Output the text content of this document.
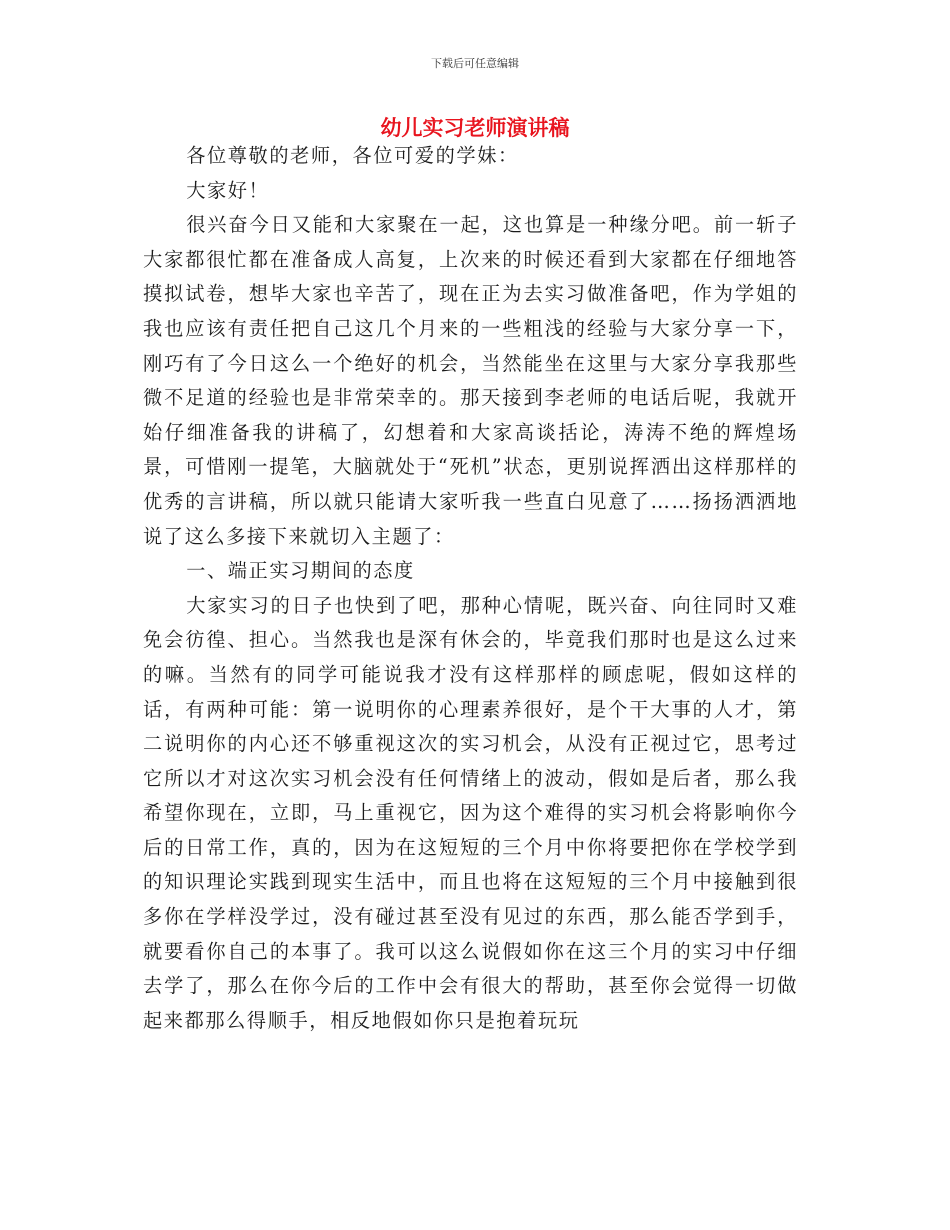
下载后可任意编辑
幼儿实习老师演讲稿

各位尊敬的老师，各位可爱的学妹：

大家好！

很兴奋今日又能和大家聚在一起，这也算是一种缘分吧。前一斩子大家都很忙都在准备成人高复，上次来的时候还看到大家都在仔细地答摸拟试卷，想毕大家也辛苦了，现在正为去实习做准备吧，作为学姐的我也应该有责任把自己这几个月来的一些粗浅的经验与大家分享一下，刚巧有了今日这么一个绝好的机会，当然能坐在这里与大家分享我那些微不足道的经验也是非常荣幸的。那天接到李老师的电话后呢，我就开始仔细准备我的讲稿了，幻想着和大家高谈括论，涛涛不绝的辉煌场景，可惜刚一提笔，大脑就处于“死机”状态，更别说挥洒出这样那样的优秀的言讲稿，所以就只能请大家听我一些直白见意了……扬扬洒洒地说了这么多接下来就切入主题了：

一、端正实习期间的态度

大家实习的日子也快到了吧，那种心情呢，既兴奋、向往同时又难免会彷徨、担心。当然我也是深有休会的，毕竟我们那时也是这么过来的嘛。当然有的同学可能说我才没有这样那样的顾虑呢，假如这样的话，有两种可能：第一说明你的心理素养很好，是个干大事的人才，第二说明你的内心还不够重视这次的实习机会，从没有正视过它，思考过它所以才对这次实习机会没有任何情绪上的波动，假如是后者，那么我希望你现在，立即，马上重视它，因为这个难得的实习机会将影响你今后的日常工作，真的，因为在这短短的三个月中你将要把你在学校学到的知识理论实践到现实生活中，而且也将在这短短的三个月中接触到很多你在学样没学过，没有碰过甚至没有见过的东西，那么能否学到手，就要看你自己的本事了。我可以这么说假如你在这三个月的实习中仔细去学了，那么在你今后的工作中会有很大的帮助，甚至你会觉得一切做起来都那么得顺手，相反地假如你只是抱着玩玩
